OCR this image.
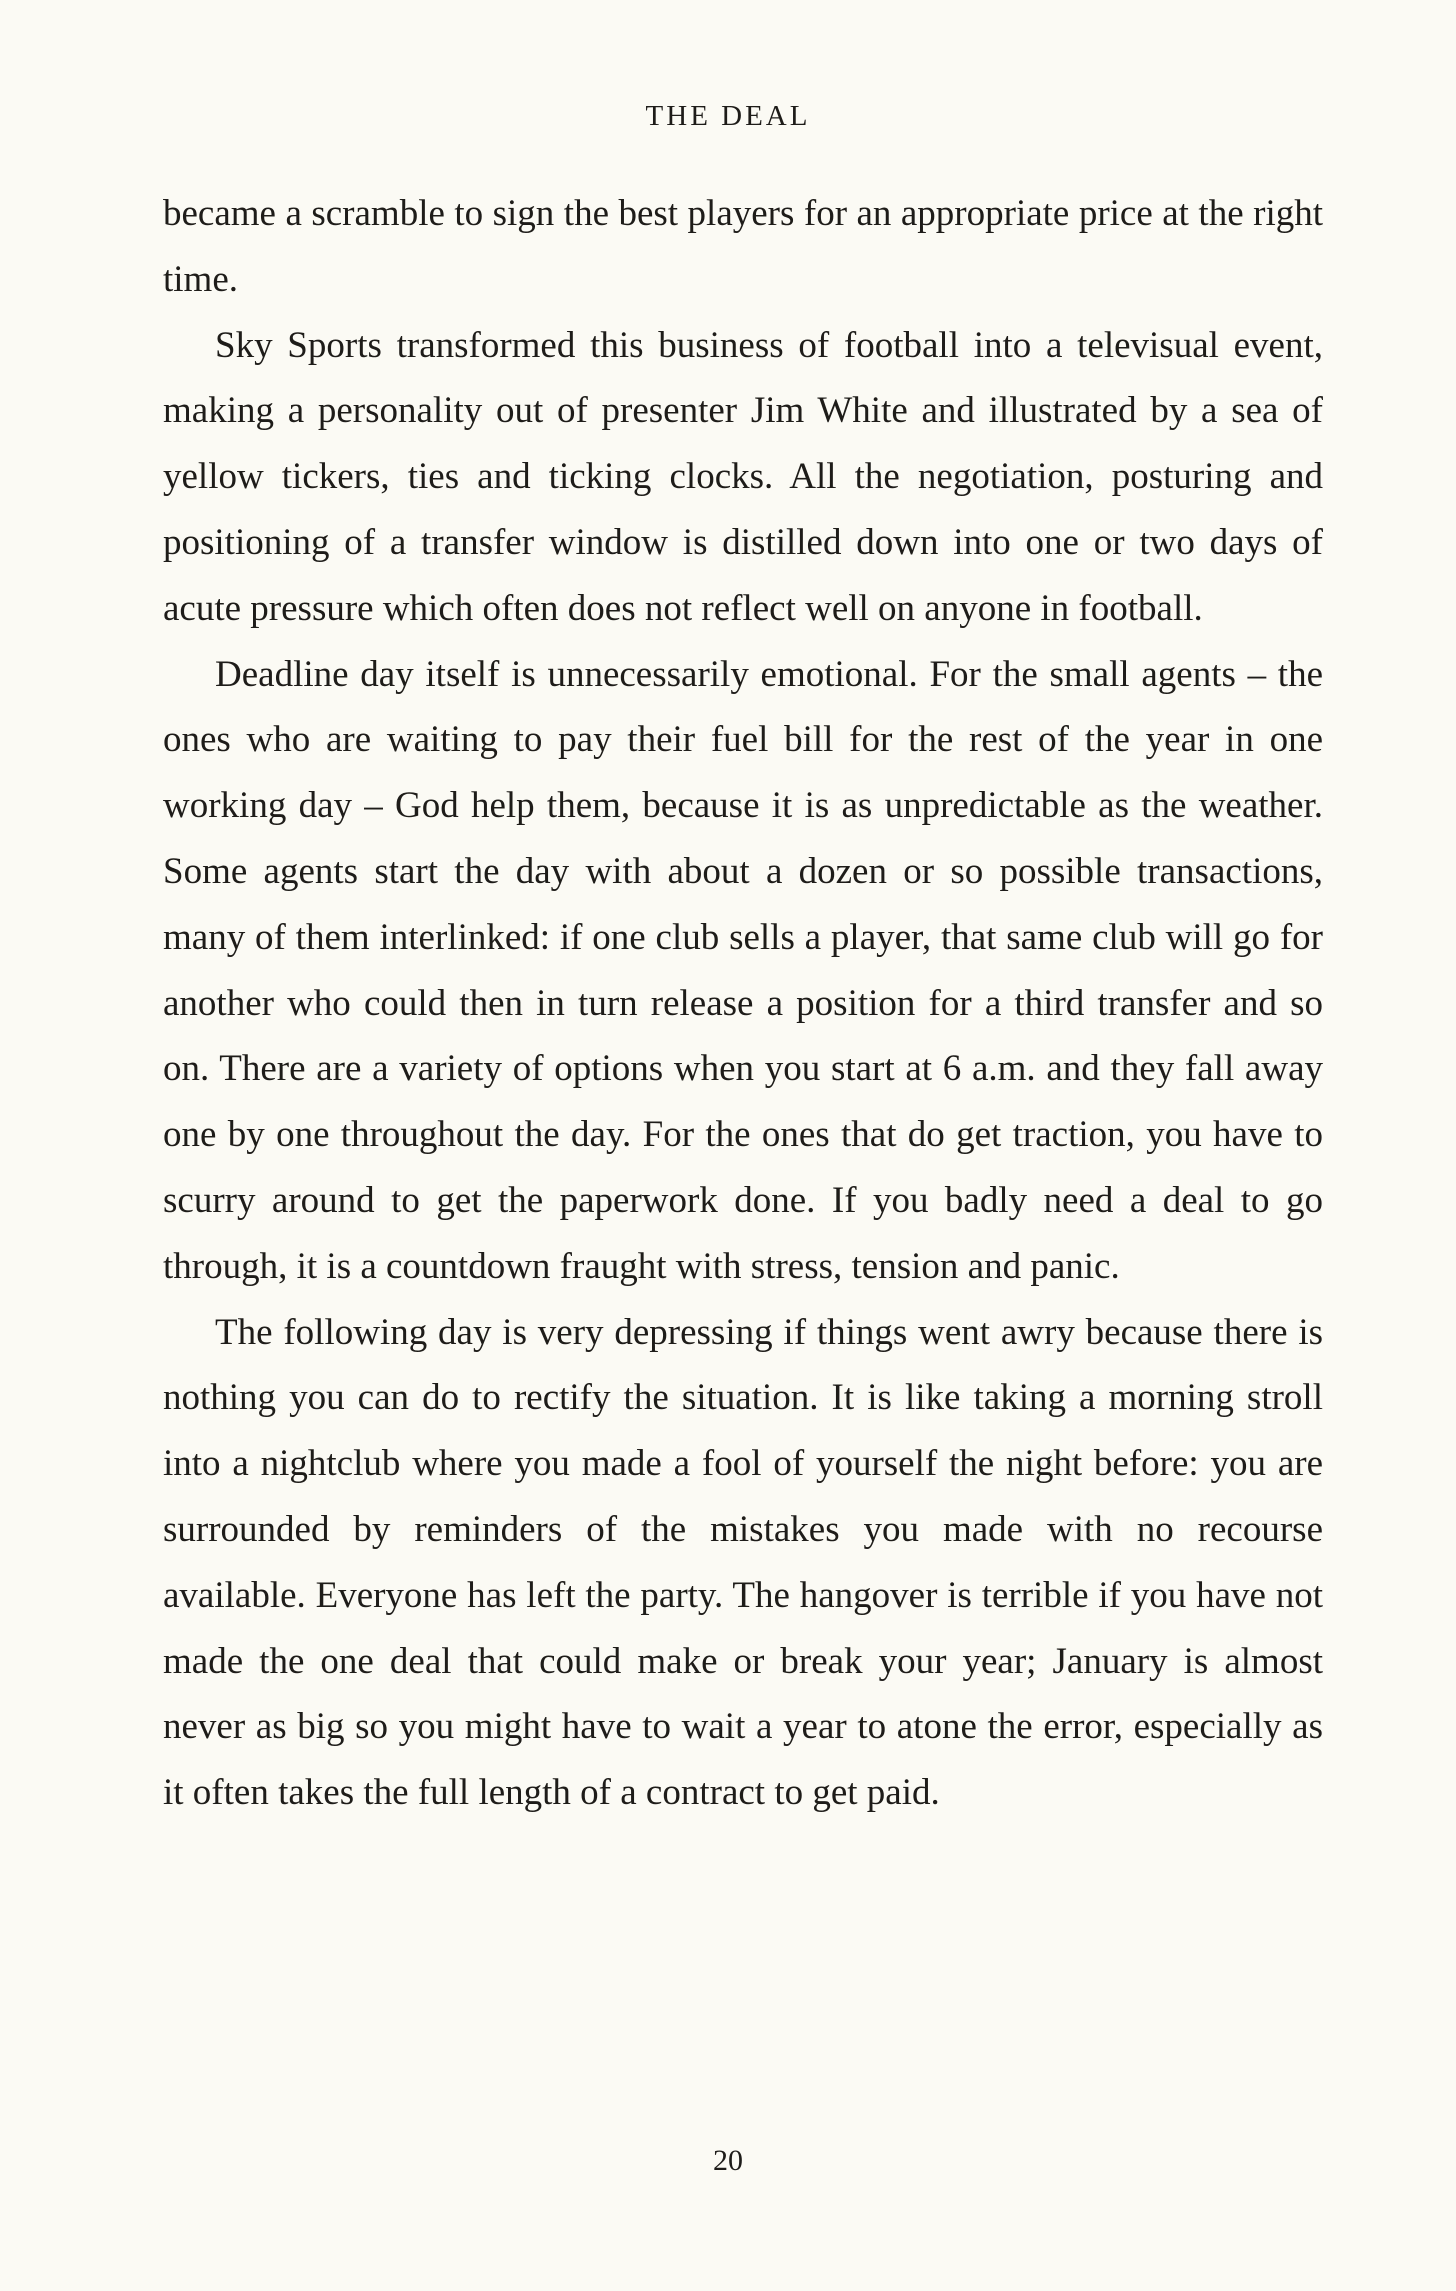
THE DEAL

became a scramble to sign the best players for an appropriate price at the right time.

Sky Sports transformed this business of football into a televisual event, making a personality out of presenter Jim White and illustrated by a sea of yellow tickers, ties and ticking clocks. All the negotiation, posturing and positioning of a transfer window is distilled down into one or two days of acute pressure which often does not reflect well on anyone in football.

Deadline day itself is unnecessarily emotional. For the small agents – the ones who are waiting to pay their fuel bill for the rest of the year in one working day – God help them, because it is as unpredictable as the weather. Some agents start the day with about a dozen or so possible transactions, many of them interlinked: if one club sells a player, that same club will go for another who could then in turn release a position for a third transfer and so on. There are a variety of options when you start at 6 a.m. and they fall away one by one throughout the day. For the ones that do get traction, you have to scurry around to get the paperwork done. If you badly need a deal to go through, it is a countdown fraught with stress, tension and panic.

The following day is very depressing if things went awry because there is nothing you can do to rectify the situation. It is like taking a morning stroll into a nightclub where you made a fool of yourself the night before: you are surrounded by reminders of the mistakes you made with no recourse available. Everyone has left the party. The hangover is terrible if you have not made the one deal that could make or break your year; January is almost never as big so you might have to wait a year to atone the error, especially as it often takes the full length of a contract to get paid.

20
